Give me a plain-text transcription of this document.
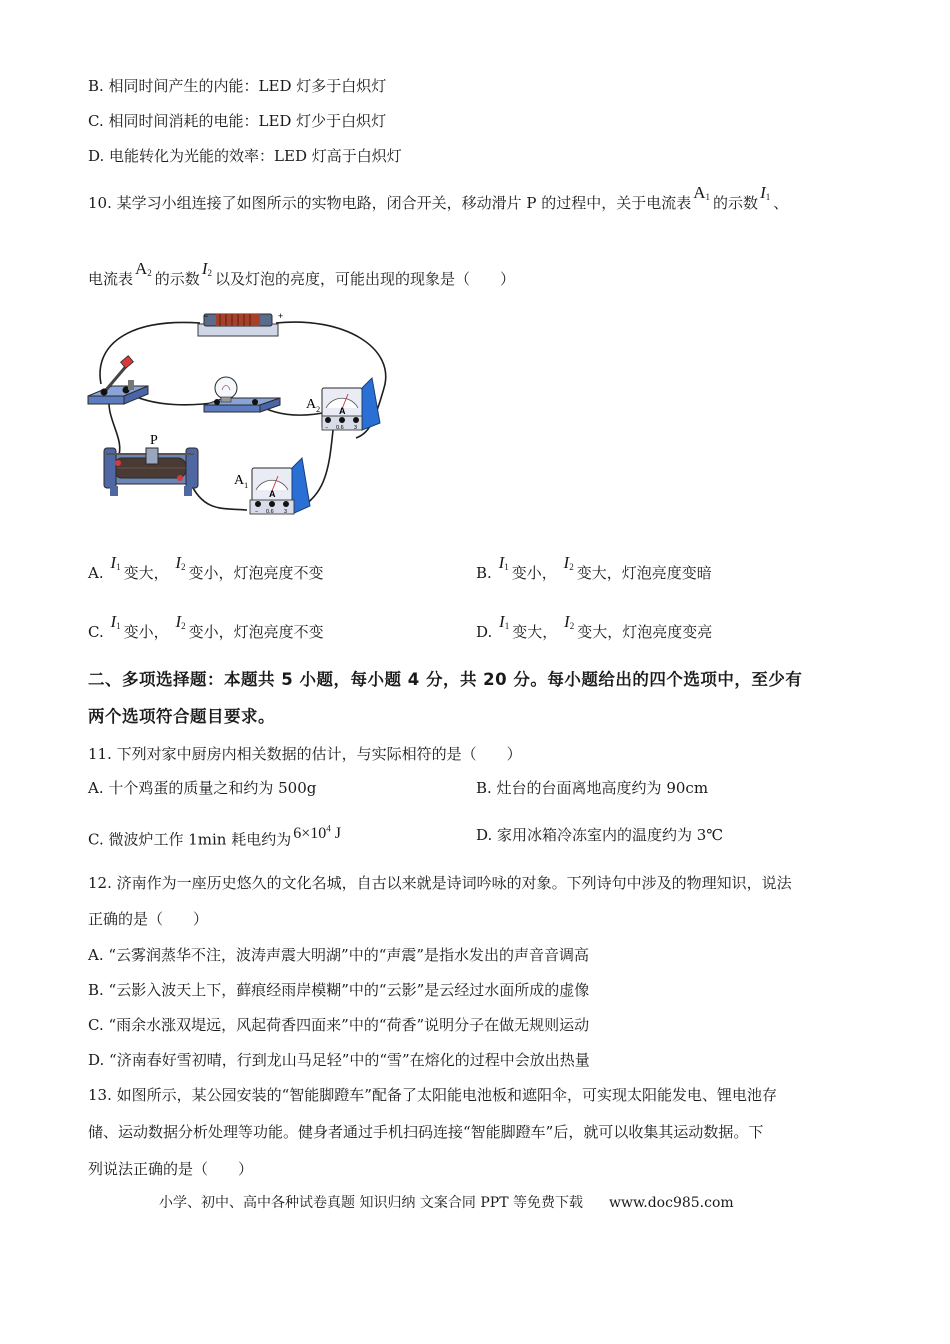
B. 相同时间产生的内能：LED 灯多于白炽灯
C. 相同时间消耗的电能：LED 灯少于白炽灯
D. 电能转化为光能的效率：LED 灯高于白炽灯
10. 某学习小组连接了如图所示的实物电路，闭合开关，移动滑片 P 的过程中，关于电流表$A^1$ 的示数$I^1$ 、
电流表$A^2$ 的示数$I^2$ 以及灯泡的亮度，可能出现的现象是（　　）
−	+
P
A
− 0.6 3
$A_2$
A
− 0.6 3
$A_1$
A. $I^1$ 变大， $I^2$ 变小，灯泡亮度不变	B. $I^1$ 变小， $I^2$ 变大，灯泡亮度变暗
C. $I^1$ 变小， $I^2$ 变小，灯泡亮度不变	D. $I^1$ 变大， $I^2$ 变大，灯泡亮度变亮
二、多项选择题：本题共 5 小题，每小题 4 分，共 20 分。每小题给出的四个选项中，至少有
两个选项符合题目要求。
11. 下列对家中厨房内相关数据的估计，与实际相符的是（　　）
A. 十个鸡蛋的质量之和约为 500g	B. 灶台的台面离地高度约为 90cm
C. 微波炉工作 1min 耗电约为 $6\times 10^4$ J	D. 家用冰箱冷冻室内的温度约为 3℃
12. 济南作为一座历史悠久的文化名城，自古以来就是诗词吟咏的对象。下列诗句中涉及的物理知识，说法
正确的是（　　）
A. “云雾润蒸华不注，波涛声震大明湖”中的“声震”是指水发出的声音音调高
B. “云影入波天上下，藓痕经雨岸模糊”中的“云影”是云经过水面所成的虚像
C. “雨余水涨双堤远，风起荷香四面来”中的“荷香”说明分子在做无规则运动
D. “济南春好雪初晴，行到龙山马足轻”中的“雪”在熔化的过程中会放出热量
13. 如图所示，某公园安装的“智能脚蹬车”配备了太阳能电池板和遮阳伞，可实现太阳能发电、锂电池存
储、运动数据分析处理等功能。健身者通过手机扫码连接“智能脚蹬车”后，就可以收集其运动数据。下
列说法正确的是（　　）
小学、初中、高中各种试卷真题 知识归纳 文案合同 PPT 等免费下载 www.doc985.com
